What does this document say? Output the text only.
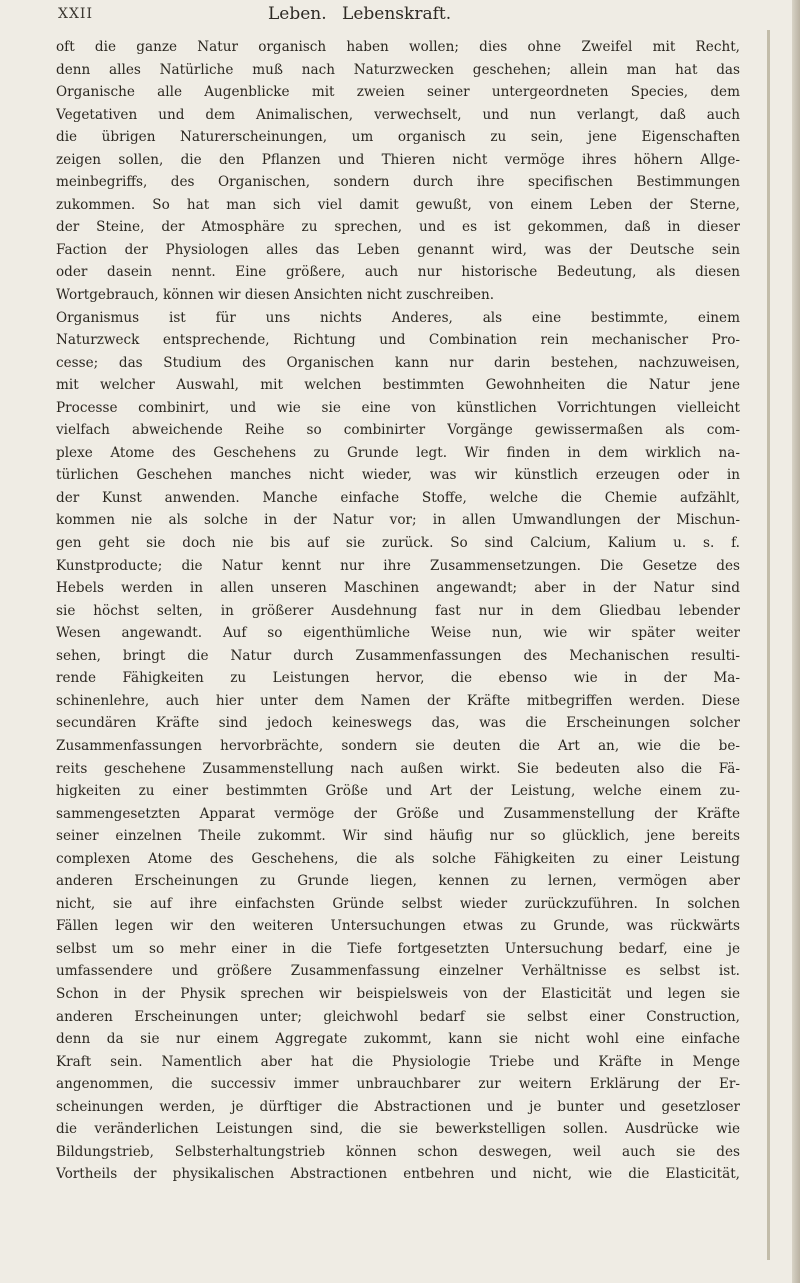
XXII	Leben. Lebenskraft.
oft die ganze Natur organisch haben wollen; dies ohne Zweifel mit Recht,
denn alles Natürliche muß nach Naturzwecken geschehen; allein man hat das
Organische alle Augenblicke mit zweien seiner untergeordneten Species, dem
Vegetativen und dem Animalischen, verwechselt, und nun verlangt, daß auch
die übrigen Naturerscheinungen, um organisch zu sein, jene Eigenschaften
zeigen sollen, die den Pflanzen und Thieren nicht vermöge ihres höhern Allge-
meinbegriffs, des Organischen, sondern durch ihre specifischen Bestimmungen
zukommen. So hat man sich viel damit gewußt, von einem Leben der Sterne,
der Steine, der Atmosphäre zu sprechen, und es ist gekommen, daß in dieser
Faction der Physiologen alles das Leben genannt wird, was der Deutsche sein
oder dasein nennt. Eine größere, auch nur historische Bedeutung, als diesen
Wortgebrauch, können wir diesen Ansichten nicht zuschreiben.
Organismus ist für uns nichts Anderes, als eine bestimmte, einem
Naturzweck entsprechende, Richtung und Combination rein mechanischer Pro-
cesse; das Studium des Organischen kann nur darin bestehen, nachzuweisen,
mit welcher Auswahl, mit welchen bestimmten Gewohnheiten die Natur jene
Processe combinirt, und wie sie eine von künstlichen Vorrichtungen vielleicht
vielfach abweichende Reihe so combinirter Vorgänge gewissermaßen als com-
plexe Atome des Geschehens zu Grunde legt. Wir finden in dem wirklich na-
türlichen Geschehen manches nicht wieder, was wir künstlich erzeugen oder in
der Kunst anwenden. Manche einfache Stoffe, welche die Chemie aufzählt,
kommen nie als solche in der Natur vor; in allen Umwandlungen der Mischun-
gen geht sie doch nie bis auf sie zurück. So sind Calcium, Kalium u. s. f.
Kunstproducte; die Natur kennt nur ihre Zusammensetzungen. Die Gesetze des
Hebels werden in allen unseren Maschinen angewandt; aber in der Natur sind
sie höchst selten, in größerer Ausdehnung fast nur in dem Gliedbau lebender
Wesen angewandt. Auf so eigenthümliche Weise nun, wie wir später weiter
sehen, bringt die Natur durch Zusammenfassungen des Mechanischen resulti-
rende Fähigkeiten zu Leistungen hervor, die ebenso wie in der Ma-
schinenlehre, auch hier unter dem Namen der Kräfte mitbegriffen werden. Diese
secundären Kräfte sind jedoch keineswegs das, was die Erscheinungen solcher
Zusammenfassungen hervorbrächte, sondern sie deuten die Art an, wie die be-
reits geschehene Zusammenstellung nach außen wirkt. Sie bedeuten also die Fä-
higkeiten zu einer bestimmten Größe und Art der Leistung, welche einem zu-
sammengesetzten Apparat vermöge der Größe und Zusammenstellung der Kräfte
seiner einzelnen Theile zukommt. Wir sind häufig nur so glücklich, jene bereits
complexen Atome des Geschehens, die als solche Fähigkeiten zu einer Leistung
anderen Erscheinungen zu Grunde liegen, kennen zu lernen, vermögen aber
nicht, sie auf ihre einfachsten Gründe selbst wieder zurückzuführen. In solchen
Fällen legen wir den weiteren Untersuchungen etwas zu Grunde, was rückwärts
selbst um so mehr einer in die Tiefe fortgesetzten Untersuchung bedarf, eine je
umfassendere und größere Zusammenfassung einzelner Verhältnisse es selbst ist.
Schon in der Physik sprechen wir beispielsweis von der Elasticität und legen sie
anderen Erscheinungen unter; gleichwohl bedarf sie selbst einer Construction,
denn da sie nur einem Aggregate zukommt, kann sie nicht wohl eine einfache
Kraft sein. Namentlich aber hat die Physiologie Triebe und Kräfte in Menge
angenommen, die successiv immer unbrauchbarer zur weitern Erklärung der Er-
scheinungen werden, je dürftiger die Abstractionen und je bunter und gesetzloser
die veränderlichen Leistungen sind, die sie bewerkstelligen sollen. Ausdrücke wie
Bildungstrieb, Selbsterhaltungstrieb können schon deswegen, weil auch sie des
Vortheils der physikalischen Abstractionen entbehren und nicht, wie die Elasticität,
